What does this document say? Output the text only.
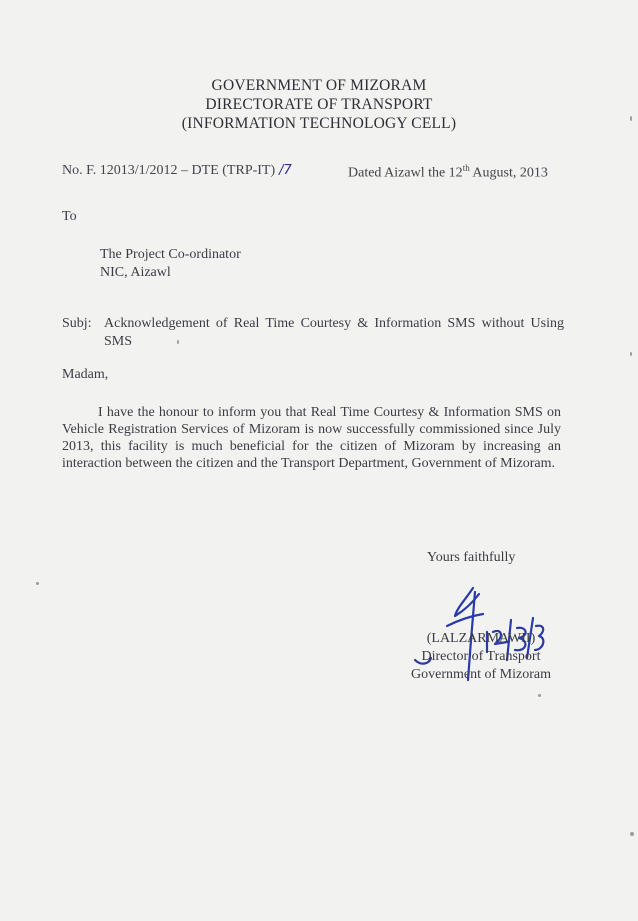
GOVERNMENT OF MIZORAM
DIRECTORATE OF TRANSPORT
(INFORMATION TECHNOLOGY CELL)
No. F. 12013/1/2012 – DTE (TRP-IT) /7	Dated Aizawl the 12th August, 2013
To
The Project Co-ordinator
NIC, Aizawl
Subj: Acknowledgement of Real Time Courtesy & Information SMS without Using SMS
Madam,
I have the honour to inform you that Real Time Courtesy & Information SMS on Vehicle Registration Services of Mizoram is now successfully commissioned since July 2013, this facility is much beneficial for the citizen of Mizoram by increasing an interaction between the citizen and the Transport Department, Government of Mizoram.
Yours faithfully
(LALZARMAWII)
Director of Transport
Government of Mizoram
